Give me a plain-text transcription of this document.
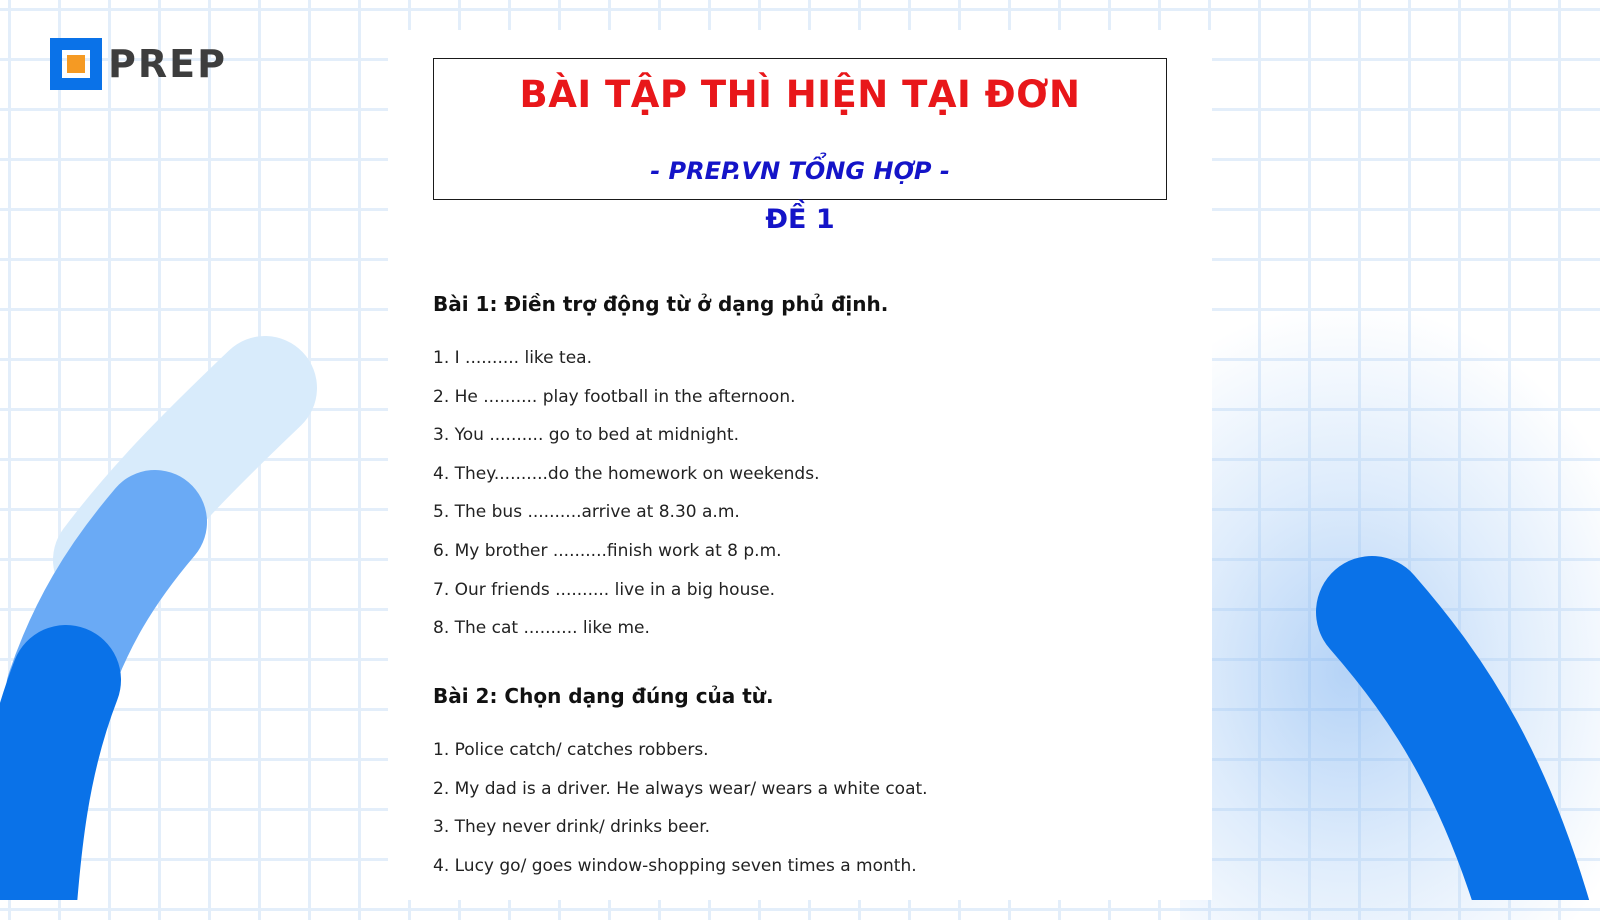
PREP
BÀI TẬP THÌ HIỆN TẠI ĐƠN
- PREP.VN TỔNG HỢP -
ĐỀ 1
Bài 1: Điền trợ động từ ở dạng phủ định.
1. I .......... like tea.
2. He .......... play football in the afternoon.
3. You .......... go to bed at midnight.
4. They..........do the homework on weekends.
5. The bus ..........arrive at 8.30 a.m.
6. My brother ..........finish work at 8 p.m.
7. Our friends .......... live in a big house.
8. The cat .......... like me.
Bài 2: Chọn dạng đúng của từ.
1. Police catch/ catches robbers.
2. My dad is a driver. He always wear/ wears a white coat.
3. They never drink/ drinks beer.
4. Lucy go/ goes window-shopping seven times a month.
